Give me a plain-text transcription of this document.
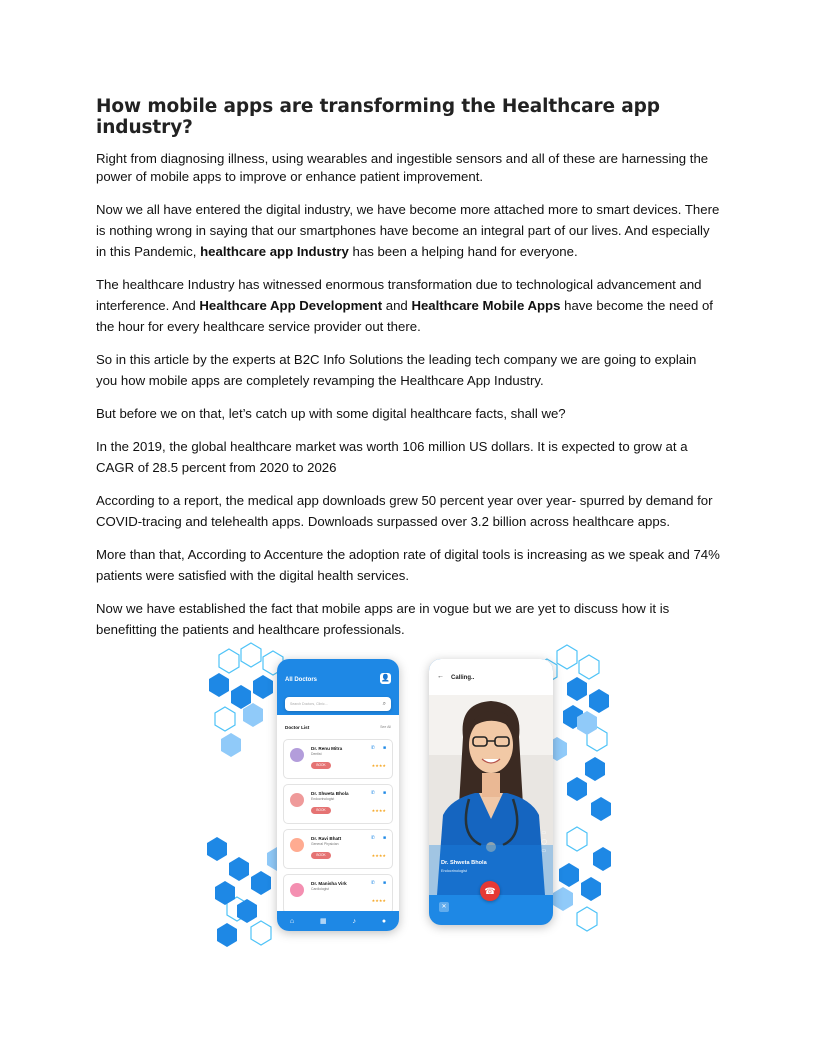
How mobile apps are transforming the Healthcare app industry?

Right from diagnosing illness, using wearables and ingestible sensors and all of these are harnessing the power of mobile apps to improve or enhance patient improvement.

Now we all have entered the digital industry, we have become more attached more to smart devices. There is nothing wrong in saying that our smartphones have become an integral part of our lives. And especially in this Pandemic, healthcare app Industry has been a helping hand for everyone.

The healthcare Industry has witnessed enormous transformation due to technological advancement and interference. And Healthcare App Development and Healthcare Mobile Apps have become the need of the hour for every healthcare service provider out there.

So in this article by the experts at B2C Info Solutions the leading tech company we are going to explain you how mobile apps are completely revamping the Healthcare App Industry.

But before we on that, let’s catch up with some digital healthcare facts, shall we?

In the 2019, the global healthcare market was worth 106 million US dollars. It is expected to grow at a CAGR of 28.5 percent from 2020 to 2026

According to a report, the medical app downloads grew 50 percent year over year- spurred by demand for COVID-tracing and telehealth apps. Downloads surpassed over 3.2 billion across healthcare apps.

More than that, According to Accenture the adoption rate of digital tools is increasing as we speak and 74% patients were satisfied with the digital health services.

Now we have established the fact that mobile apps are in vogue but we are yet to discuss how it is benefitting the patients and healthcare professionals.

All Doctors	👤
Search Doctors, Clinic...	⌕
Doctor List	See All
Dr. Renu Mitra
Dentist
BOOK
✆ ■
★★★★
Dr. Shweta Bhola
Endocrinologist
BOOK
✆ ■
★★★★
Dr. Ravi Bhatt
General Physician
BOOK
✆ ■
★★★★
Dr. Manisha Virk
Cardiologist
✆ ■
★★★★
⌂	▦	♪	●
← Calling..
▭
◯
▭
Dr. Shweta Bhola
Endocrinologist
☎
✕
